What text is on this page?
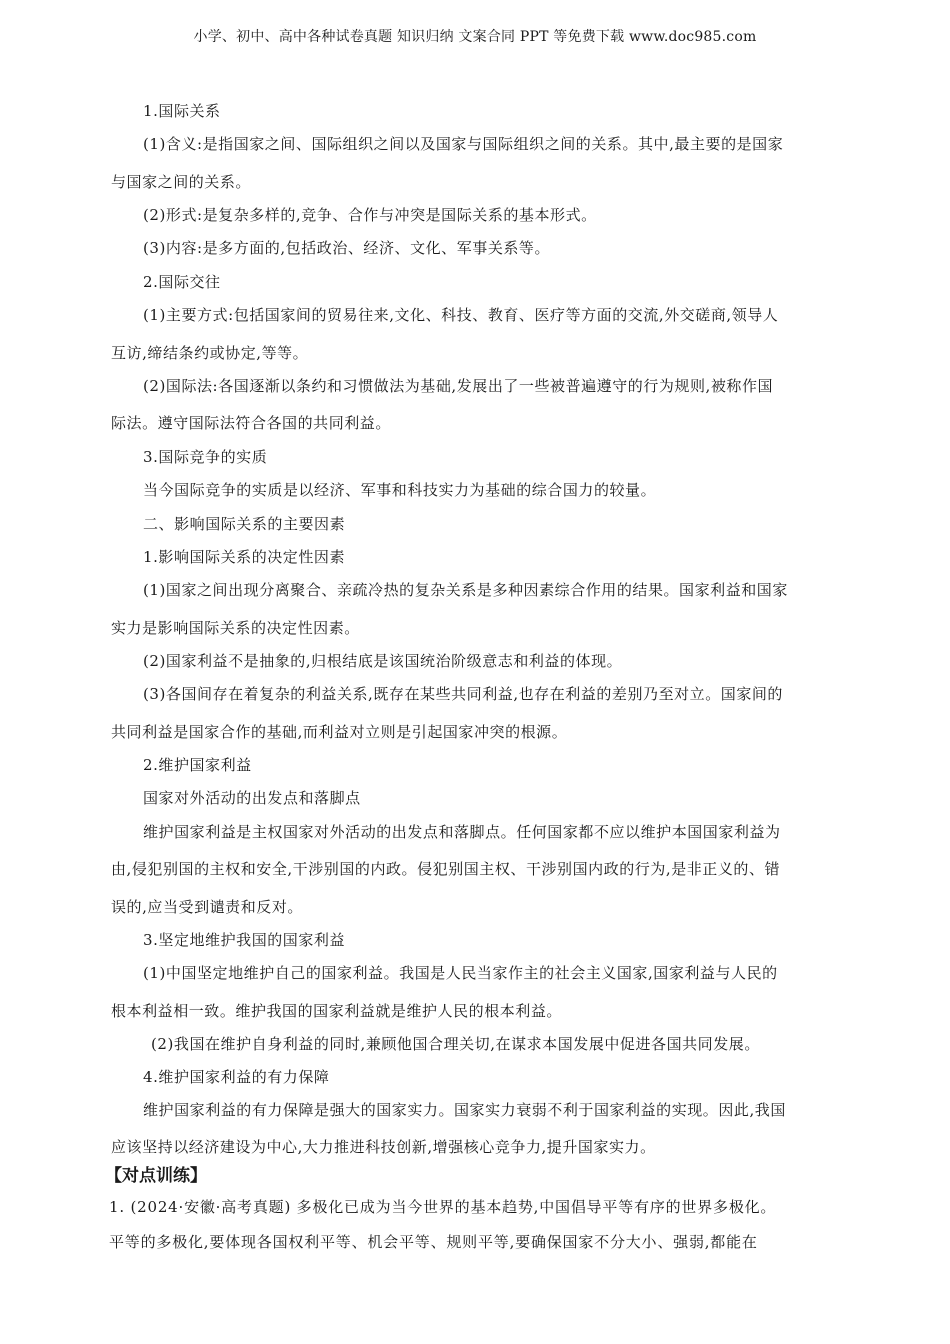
小学、初中、高中各种试卷真题 知识归纳 文案合同 PPT 等免费下载 www.doc985.com
1.国际关系
(1)含义:是指国家之间、国际组织之间以及国家与国际组织之间的关系。其中,最主要的是国家
与国家之间的关系。
(2)形式:是复杂多样的,竞争、合作与冲突是国际关系的基本形式。
(3)内容:是多方面的,包括政治、经济、文化、军事关系等。
2.国际交往
(1)主要方式:包括国家间的贸易往来,文化、科技、教育、医疗等方面的交流,外交磋商,领导人
互访,缔结条约或协定,等等。
(2)国际法:各国逐渐以条约和习惯做法为基础,发展出了一些被普遍遵守的行为规则,被称作国
际法。遵守国际法符合各国的共同利益。
3.国际竞争的实质
当今国际竞争的实质是以经济、军事和科技实力为基础的综合国力的较量。
二、影响国际关系的主要因素
1.影响国际关系的决定性因素
(1)国家之间出现分离聚合、亲疏冷热的复杂关系是多种因素综合作用的结果。国家利益和国家
实力是影响国际关系的决定性因素。
(2)国家利益不是抽象的,归根结底是该国统治阶级意志和利益的体现。
(3)各国间存在着复杂的利益关系,既存在某些共同利益,也存在利益的差别乃至对立。国家间的
共同利益是国家合作的基础,而利益对立则是引起国家冲突的根源。
2.维护国家利益
国家对外活动的出发点和落脚点
维护国家利益是主权国家对外活动的出发点和落脚点。任何国家都不应以维护本国国家利益为
由,侵犯别国的主权和安全,干涉别国的内政。侵犯别国主权、干涉别国内政的行为,是非正义的、错
误的,应当受到谴责和反对。
3.坚定地维护我国的国家利益
(1)中国坚定地维护自己的国家利益。我国是人民当家作主的社会主义国家,国家利益与人民的
根本利益相一致。维护我国的国家利益就是维护人民的根本利益。
(2)我国在维护自身利益的同时,兼顾他国合理关切,在谋求本国发展中促进各国共同发展。
4.维护国家利益的有力保障
维护国家利益的有力保障是强大的国家实力。国家实力衰弱不利于国家利益的实现。因此,我国
应该坚持以经济建设为中心,大力推进科技创新,增强核心竞争力,提升国家实力。
【对点训练】
1. (2024·安徽·高考真题) 多极化已成为当今世界的基本趋势,中国倡导平等有序的世界多极化。
平等的多极化,要体现各国权利平等、机会平等、规则平等,要确保国家不分大小、强弱,都能在
